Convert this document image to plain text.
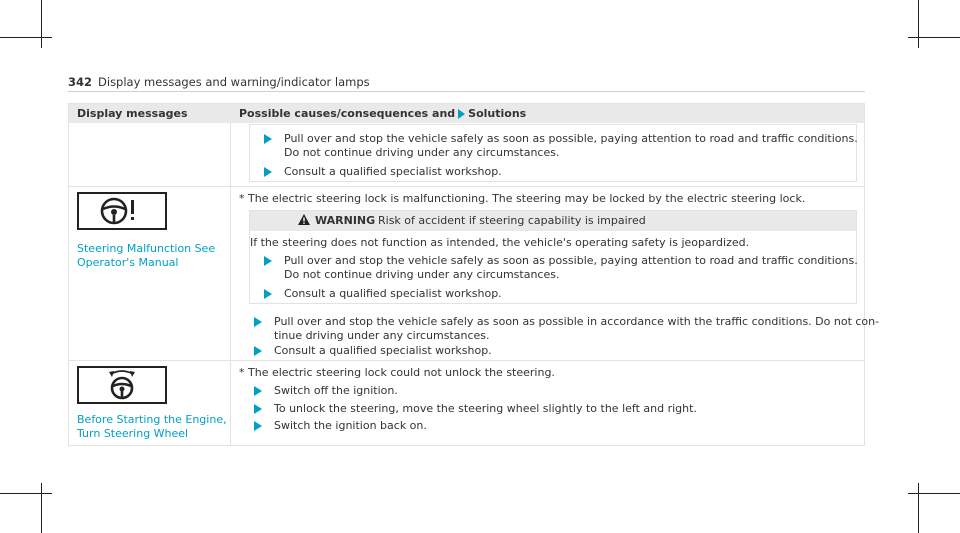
342 Display messages and warning/indicator lamps
Display messages	Possible causes/consequences and Solutions
Pull over and stop the vehicle safely as soon as possible, paying attention to road and traffic conditions.
Do not continue driving under any circumstances.
Consult a qualified specialist workshop.
Steering Malfunction See
Operator's Manual
* The electric steering lock is malfunctioning. The steering may be locked by the electric steering lock.
WARNING Risk of accident if steering capability is impaired
If the steering does not function as intended, the vehicle's operating safety is jeopardized.
Pull over and stop the vehicle safely as soon as possible, paying attention to road and traffic conditions.
Do not continue driving under any circumstances.
Consult a qualified specialist workshop.
Pull over and stop the vehicle safely as soon as possible in accordance with the traffic conditions. Do not con-
tinue driving under any circumstances.
Consult a qualified specialist workshop.
Before Starting the Engine,
Turn Steering Wheel
* The electric steering lock could not unlock the steering.
Switch off the ignition.
To unlock the steering, move the steering wheel slightly to the left and right.
Switch the ignition back on.
